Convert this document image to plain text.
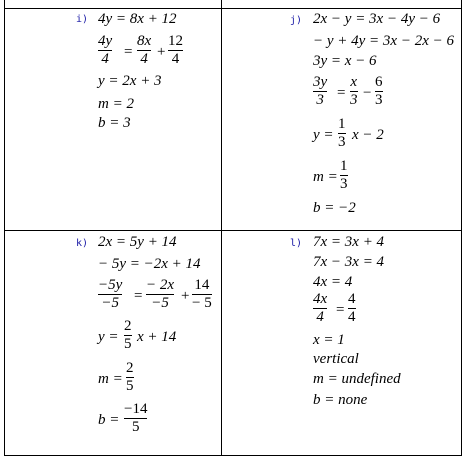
i) 4y = 8x + 12
4y
4 =
8x
4 +
12
4
y = 2x + 3
m = 2
b = 3
j) 2x − y = 3x − 4y − 6
− y + 4y = 3x − 2x − 6
3y = x − 6
3y
3 =
x
3 −
6
3
y =
1
3 x − 2
m =
1
3
b = −2
k) 2x = 5y + 14
− 5y = −2x + 14
−5y
−5 =
− 2x
−5 +
14
− 5
y =
2
5 x + 14
m =
2
5
b =
−14
5
l) 7x = 3x + 4
7x − 3x = 4
4x = 4
4x
4 =
4
4
x = 1
vertical
m = undefined
b = none
